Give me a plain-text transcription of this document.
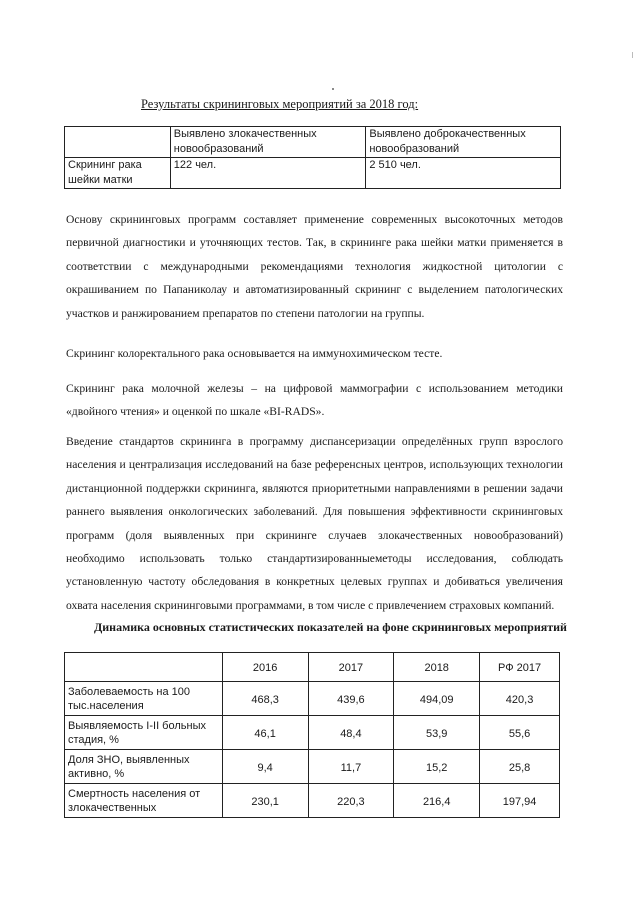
Результаты скрининговых мероприятий за 2018 год:
	Выявлено злокачественных новообразований	Выявлено доброкачественных новообразований
Скрининг рака шейки матки	122 чел.	2 510 чел.

Основу скрининговых программ составляет применение современных высокоточных методов первичной диагностики и уточняющих тестов. Так, в скрининге рака шейки матки применяется в соответствии с международными рекомендациями технология жидкостной цитологии с окрашиванием по Папаниколау и автоматизированный скрининг с выделением патологических участков и ранжированием препаратов по степени патологии на группы.

Скрининг колоректального рака основывается на иммунохимическом тесте.

Скрининг рака молочной железы – на цифровой маммографии с использованием методики «двойного чтения» и оценкой по шкале «BI-RADS».

Введение стандартов скрининга в программу диспансеризации определённых групп взрослого населения и централизация исследований на базе референсных центров, использующих технологии дистанционной поддержки скрининга, являются приоритетными направлениями в решении задачи раннего выявления онкологических заболеваний. Для повышения эффективности скрининговых программ (доля выявленных при скрининге случаев злокачественных новообразований) необходимо использовать только стандартизированныеметоды исследования, соблюдать установленную частоту обследования в конкретных целевых группах и добиваться увеличения охвата населения скрининговыми программами, в том числе с привлечением страховых компаний.

Динамика основных статистических показателей на фоне скрининговых мероприятий
	2016	2017	2018	РФ 2017
Заболеваемость на 100 тыс.населения	468,3	439,6	494,09	420,3
Выявляемость I-II больных стадия, %	46,1	48,4	53,9	55,6
Доля ЗНО, выявленных активно, %	9,4	11,7	15,2	25,8
Смертность населения от злокачественных	230,1	220,3	216,4	197,94
